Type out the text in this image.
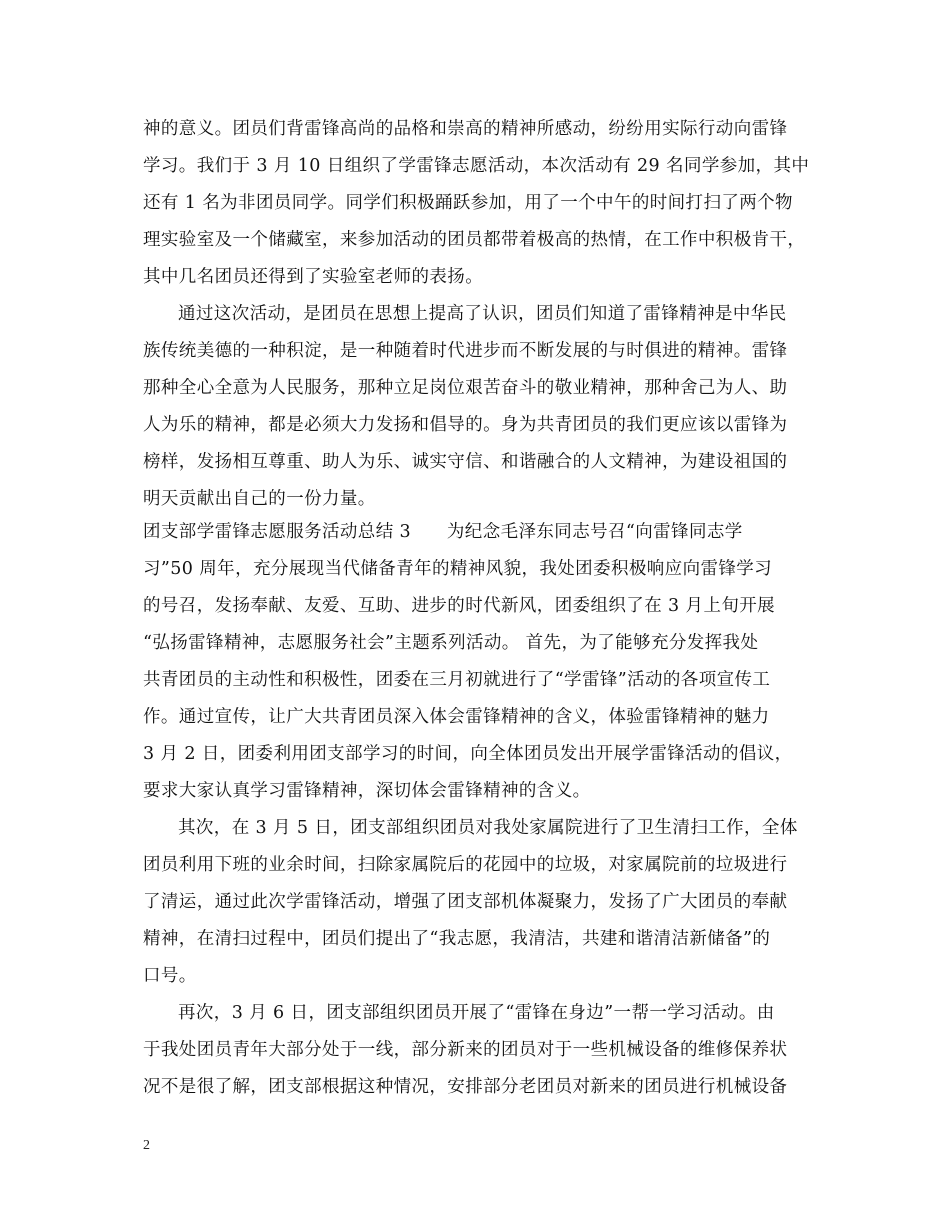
神的意义。团员们背雷锋高尚的品格和崇高的精神所感动，纷纷用实际行动向雷锋
学习。我们于 3 月 10 日组织了学雷锋志愿活动，本次活动有 29 名同学参加，其中
还有 1 名为非团员同学。同学们积极踊跃参加，用了一个中午的时间打扫了两个物
理实验室及一个储藏室，来参加活动的团员都带着极高的热情，在工作中积极肯干，
其中几名团员还得到了实验室老师的表扬。
通过这次活动，是团员在思想上提高了认识，团员们知道了雷锋精神是中华民
族传统美德的一种积淀，是一种随着时代进步而不断发展的与时俱进的精神。雷锋
那种全心全意为人民服务，那种立足岗位艰苦奋斗的敬业精神，那种舍己为人、助
人为乐的精神，都是必须大力发扬和倡导的。身为共青团员的我们更应该以雷锋为
榜样，发扬相互尊重、助人为乐、诚实守信、和谐融合的人文精神，为建设祖国的
明天贡献出自己的一份力量。
团支部学雷锋志愿服务活动总结 3　　为纪念毛泽东同志号召“向雷锋同志学
习”50 周年，充分展现当代储备青年的精神风貌，我处团委积极响应向雷锋学习
的号召，发扬奉献、友爱、互助、进步的时代新风，团委组织了在 3 月上旬开展
“弘扬雷锋精神，志愿服务社会”主题系列活动。 首先，为了能够充分发挥我处
共青团员的主动性和积极性，团委在三月初就进行了“学雷锋”活动的各项宣传工
作。通过宣传，让广大共青团员深入体会雷锋精神的含义，体验雷锋精神的魅力
3 月 2 日，团委利用团支部学习的时间，向全体团员发出开展学雷锋活动的倡议，
要求大家认真学习雷锋精神，深切体会雷锋精神的含义。
其次，在 3 月 5 日，团支部组织团员对我处家属院进行了卫生清扫工作，全体
团员利用下班的业余时间，扫除家属院后的花园中的垃圾，对家属院前的垃圾进行
了清运，通过此次学雷锋活动，增强了团支部机体凝聚力，发扬了广大团员的奉献
精神，在清扫过程中，团员们提出了“我志愿，我清洁，共建和谐清洁新储备”的
口号。
再次，3 月 6 日，团支部组织团员开展了“雷锋在身边”一帮一学习活动。由
于我处团员青年大部分处于一线，部分新来的团员对于一些机械设备的维修保养状
况不是很了解，团支部根据这种情况，安排部分老团员对新来的团员进行机械设备
2
